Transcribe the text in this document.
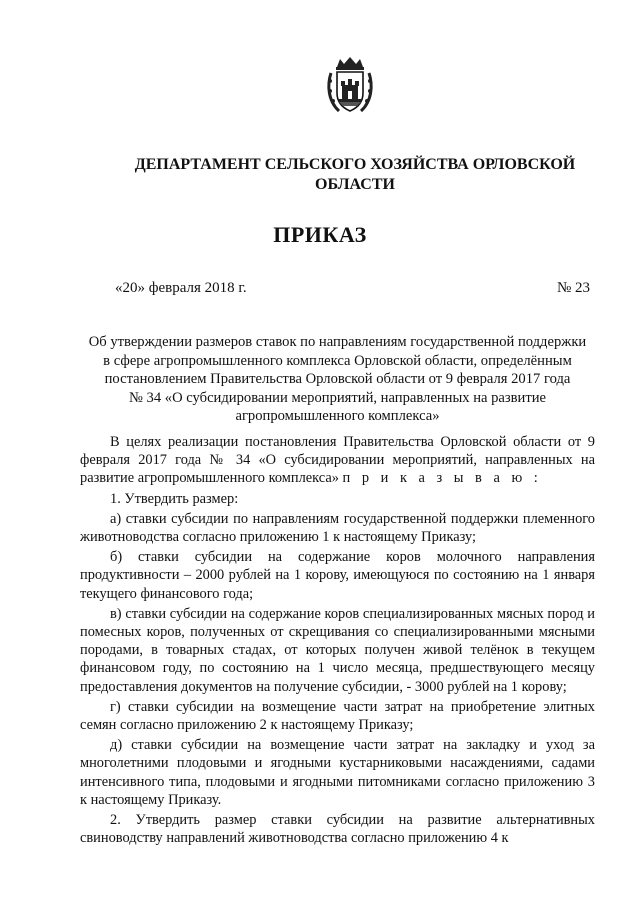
ДЕПАРТАМЕНТ СЕЛЬСКОГО ХОЗЯЙСТВА ОРЛОВСКОЙ
ОБЛАСТИ
ПРИКАЗ
«20» февраля 2018 г.	№ 23
Об утверждении размеров ставок по направлениям государственной поддержки
в сфере агропромышленного комплекса Орловской области, определённым
постановлением Правительства Орловской области от 9 февраля 2017 года
№ 34 «О субсидировании мероприятий, направленных на развитие
агропромышленного комплекса»

В целях реализации постановления Правительства Орловской области от 9 февраля 2017 года № 34 «О субсидировании мероприятий, направленных на развитие агропромышленного комплекса» п р и к а з ы в а ю :

1. Утвердить размер:

а) ставки субсидии по направлениям государственной поддержки племенного животноводства согласно приложению 1 к настоящему Приказу;

б) ставки субсидии на содержание коров молочного направления продуктивности – 2000 рублей на 1 корову, имеющуюся по состоянию на 1 января текущего финансового года;

в) ставки субсидии на содержание коров специализированных мясных пород и помесных коров, полученных от скрещивания со специализированными мясными породами, в товарных стадах, от которых получен живой телёнок в текущем финансовом году, по состоянию на 1 число месяца, предшествующего месяцу предоставления документов на получение субсидии, - 3000 рублей на 1 корову;

г) ставки субсидии на возмещение части затрат на приобретение элитных семян согласно приложению 2 к настоящему Приказу;

д) ставки субсидии на возмещение части затрат на закладку и уход за многолетними плодовыми и ягодными кустарниковыми насаждениями, садами интенсивного типа, плодовыми и ягодными питомниками согласно приложению 3 к настоящему Приказу.

2. Утвердить размер ставки субсидии на развитие альтернативных свиноводству направлений животноводства согласно приложению 4 к
